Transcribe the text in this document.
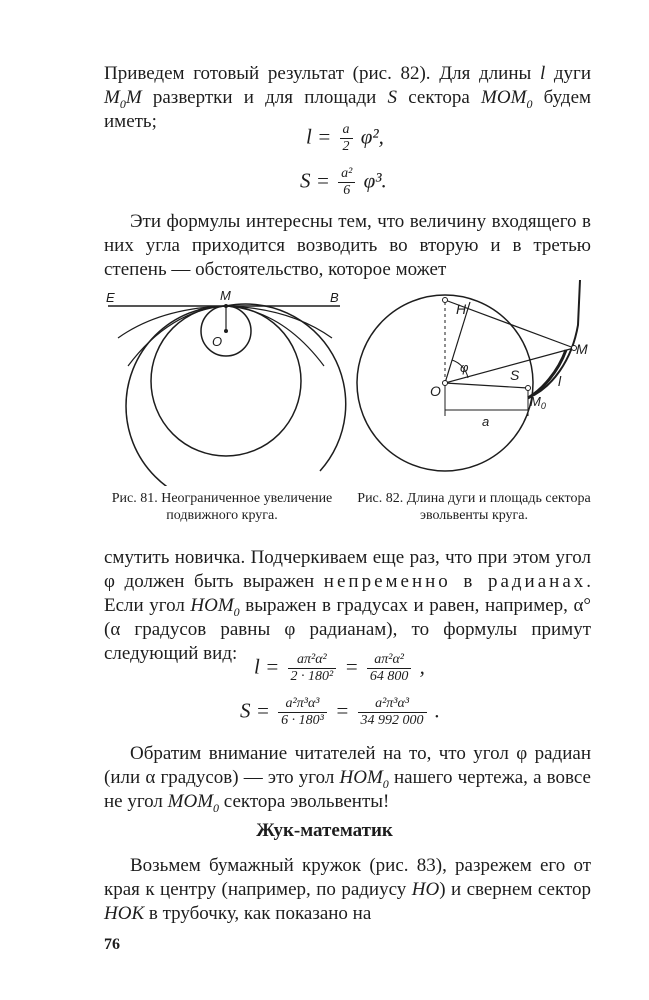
Приведем готовый результат (рис. 82). Для длины l дуги $M_0M$ развертки и для площади S сектора $MOM_0$ будем иметь;

$l = \frac{a}{2} \varphi^2$,
$S = \frac{\text{a²}}{6} \varphi^3$.

Эти формулы интересны тем, что величину входящего в них угла приходится возводить во вторую и в третью степень — обстоятельство, которое может

E	M	B
O
Рис. 81. Неограниченное увеличение подвижного круга.
H
M
φ	S
O
l
$M_0$
a
Рис. 82. Длина дуги и площадь сектора эвольвенты круга.

смутить новичка. Подчеркиваем еще раз, что при этом угол φ должен быть выражен непременно в радианах. Если угол $HOM_0$ выражен в градусах и равен, например, α° (α градусов равны φ радианам), то формулы примут следующий вид:

$l = \frac{\text{aπ²α²}}{\text{2 · 180²}} = \frac{\text{aπ²α²}}{64 800}$ ,
$S = \frac{\text{a²π³α³}}{\text{6 · 180³}} = \frac{\text{a²π³α³}}{34 992 000}$ .

Обратим внимание читателей на то, что угол φ радиан (или α градусов) — это угол $HOM_0$ нашего чертежа, а вовсе не угол $MOM_0$ сектора эвольвенты!

Жук-математик

Возьмем бумажный кружок (рис. 83), разрежем его от края к центру (например, по радиусу HO) и свернем сектор HOK в трубочку, как показано на

76
